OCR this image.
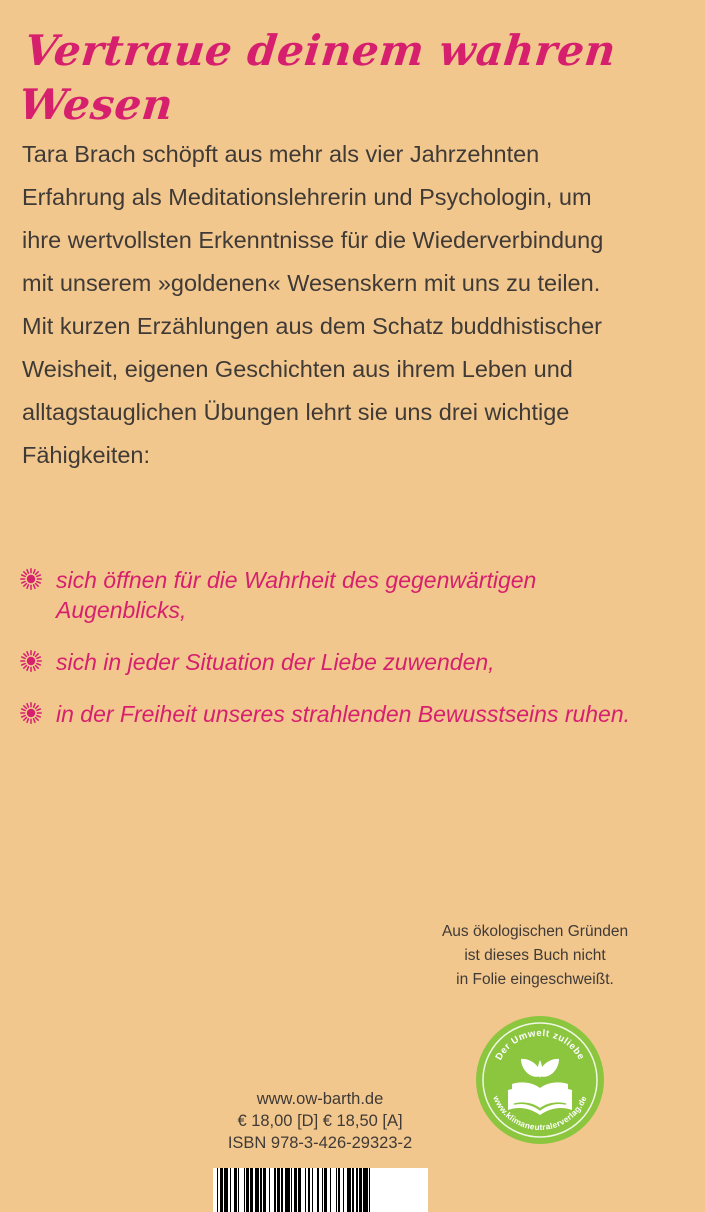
Vertraue deinem wahren Wesen

Tara Brach schöpft aus mehr als vier Jahrzehnten Erfahrung als Meditationslehrerin und Psychologin, um ihre wertvollsten Erkenntnisse für die Wiederverbindung mit unserem »goldenen« Wesenskern mit uns zu teilen.

Mit kurzen Erzählungen aus dem Schatz buddhistischer Weisheit, eigenen Geschichten aus ihrem Leben und alltagstauglichen Übungen lehrt sie uns drei wichtige Fähigkeiten:

sich öffnen für die Wahrheit des gegenwärtigen Augenblicks,
sich in jeder Situation der Liebe zuwenden,
in der Freiheit unseres strahlenden Bewusstseins ruhen.
Aus ökologischen Gründen
ist dieses Buch nicht
in Folie eingeschweißt.
Der Umwelt zuliebe
www.klimaneutralerverlag.de
www.ow-barth.de
€ 18,00 [D] € 18,50 [A]
ISBN 978-3-426-29323-2
